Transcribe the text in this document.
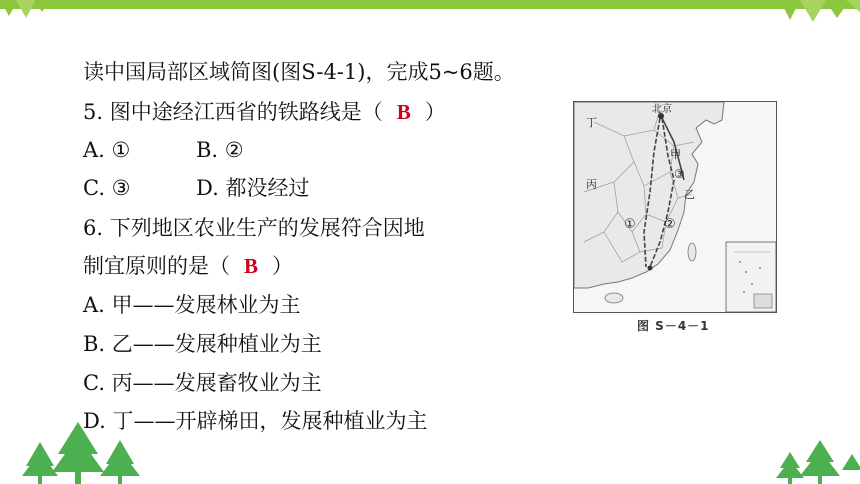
读中国局部区域简图(图S-4-1)，完成5~6题。
5. 图中途经江西省的铁路线是（ B ）
A. ①	B. ②
C. ③	D. 都没经过
6. 下列地区农业生产的发展符合因地
制宜原则的是（ B ）
A. 甲——发展林业为主
B. 乙——发展种植业为主
C. 丙——发展畜牧业为主
D. 丁——开辟梯田，发展种植业为主
北京
丁
甲
乙
丙
① ②
③
图 S－4－1
